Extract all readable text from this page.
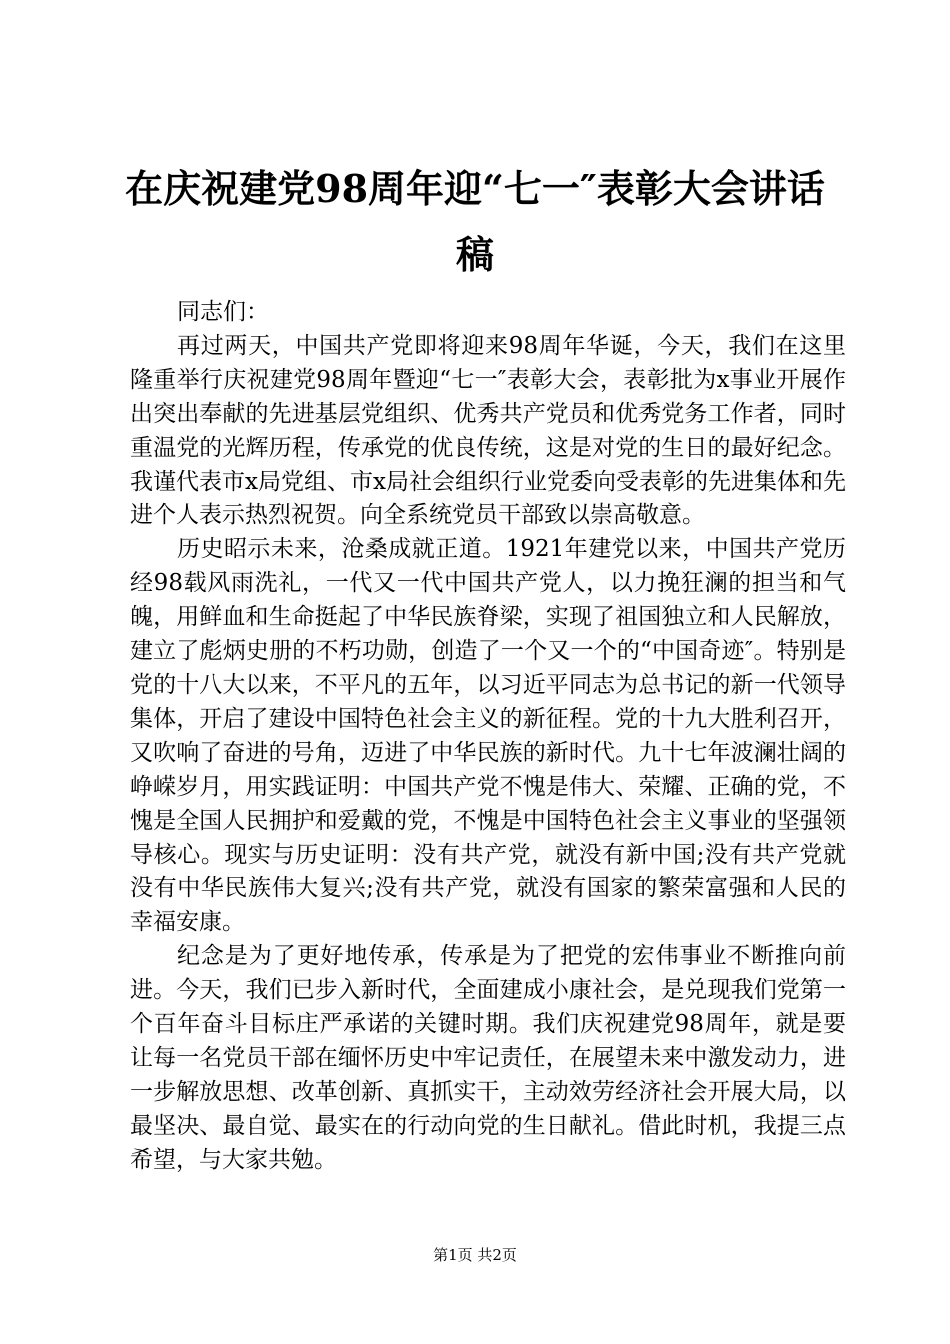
在庆祝建党98周年迎“七一″表彰大会讲话稿

同志们：

再过两天，中国共产党即将迎来98周年华诞，今天，我们在这里隆重举行庆祝建党98周年暨迎“七一″表彰大会，表彰批为x事业开展作出突出奉献的先进基层党组织、优秀共产党员和优秀党务工作者，同时重温党的光辉历程，传承党的优良传统，这是对党的生日的最好纪念。我谨代表市x局党组、市x局社会组织行业党委向受表彰的先进集体和先进个人表示热烈祝贺。向全系统党员干部致以崇高敬意。

历史昭示未来，沧桑成就正道。1921年建党以来，中国共产党历经98载风雨洗礼，一代又一代中国共产党人，以力挽狂澜的担当和气魄，用鲜血和生命挺起了中华民族脊梁，实现了祖国独立和人民解放，建立了彪炳史册的不朽功勋，创造了一个又一个的“中国奇迹″。特别是党的十八大以来，不平凡的五年，以习近平同志为总书记的新一代领导集体，开启了建设中国特色社会主义的新征程。党的十九大胜利召开，又吹响了奋进的号角，迈进了中华民族的新时代。九十七年波澜壮阔的峥嵘岁月，用实践证明：中国共产党不愧是伟大、荣耀、正确的党，不愧是全国人民拥护和爱戴的党，不愧是中国特色社会主义事业的坚强领导核心。现实与历史证明：没有共产党，就没有新中国;没有共产党就没有中华民族伟大复兴;没有共产党，就没有国家的繁荣富强和人民的幸福安康。

纪念是为了更好地传承，传承是为了把党的宏伟事业不断推向前进。今天，我们已步入新时代，全面建成小康社会，是兑现我们党第一个百年奋斗目标庄严承诺的关键时期。我们庆祝建党98周年，就是要让每一名党员干部在缅怀历史中牢记责任，在展望未来中激发动力，进一步解放思想、改革创新、真抓实干，主动效劳经济社会开展大局，以最坚决、最自觉、最实在的行动向党的生日献礼。借此时机，我提三点希望，与大家共勉。

第1页 共2页
